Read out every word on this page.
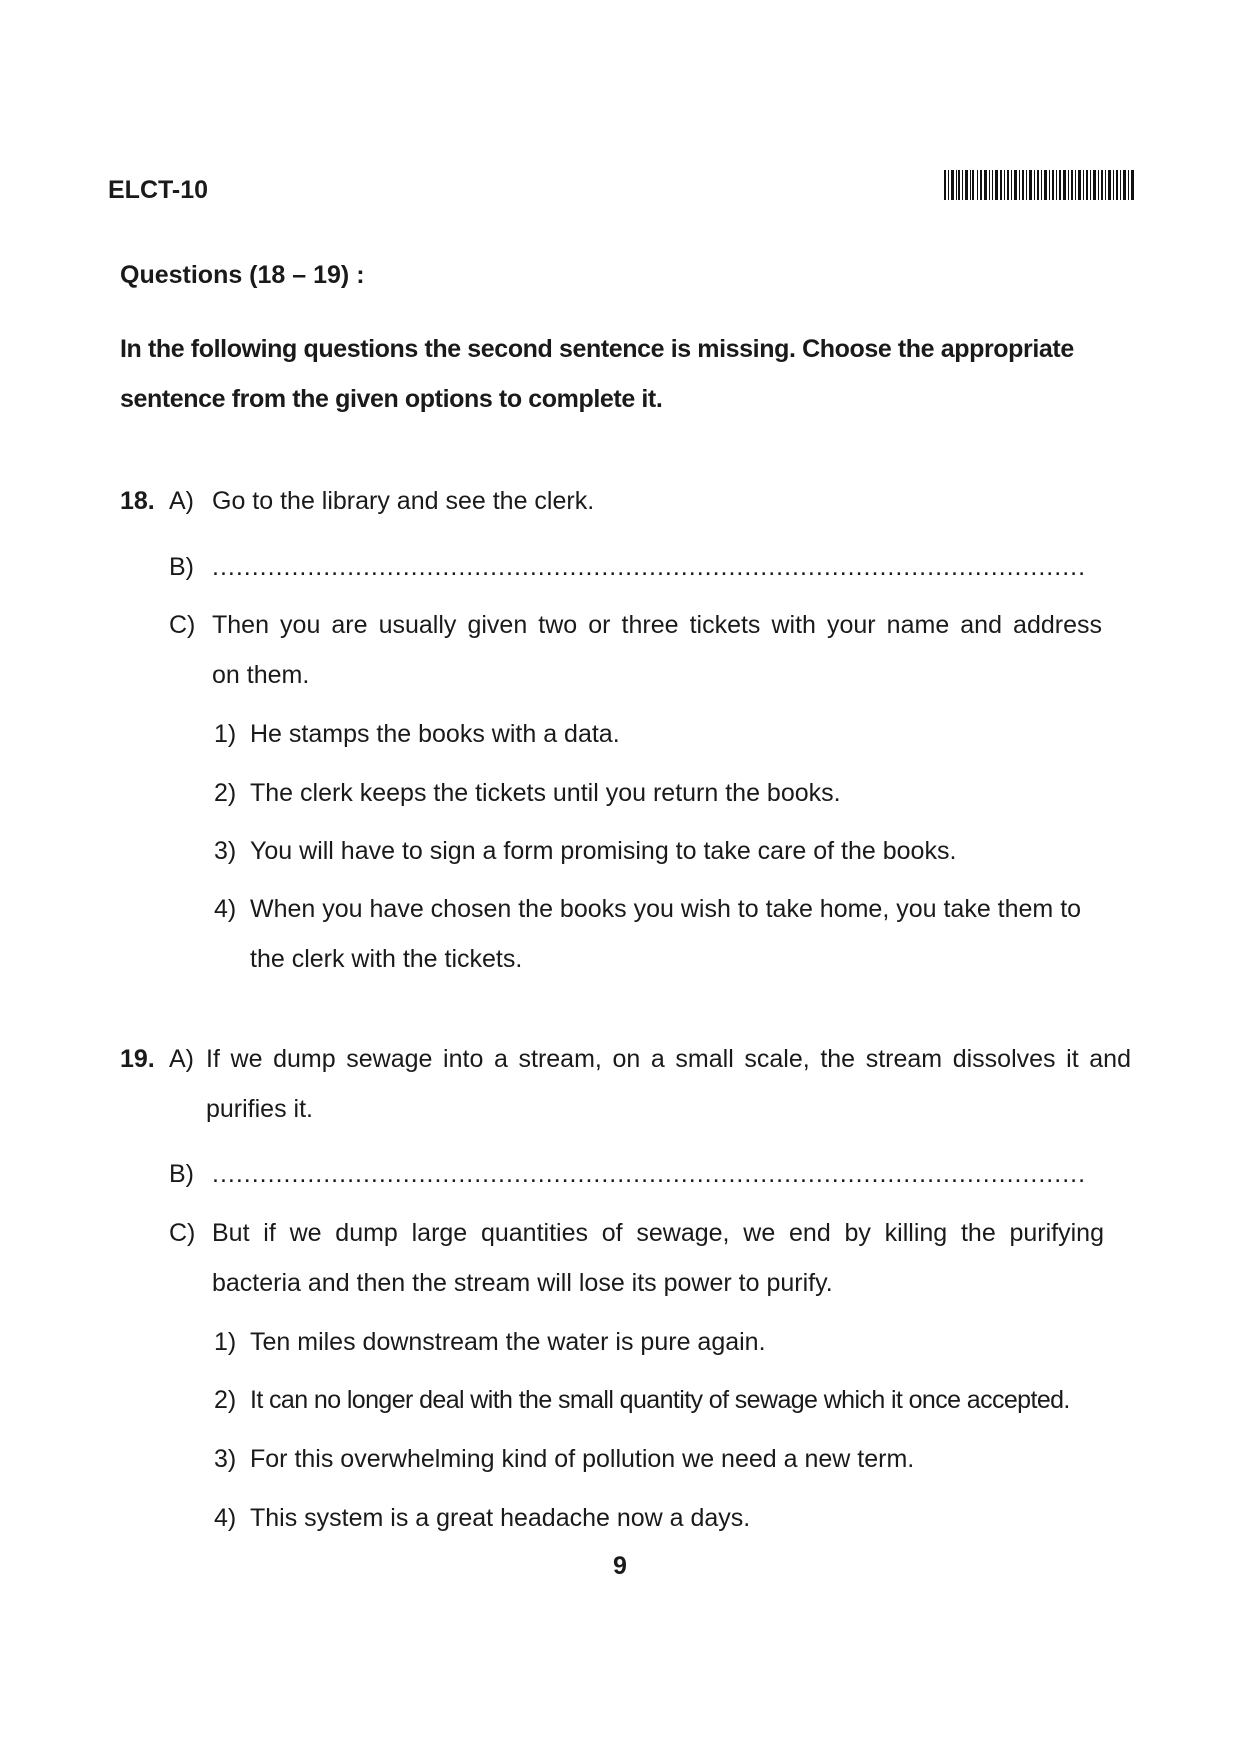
ELCT-10
Questions (18 – 19) :
In the following questions the second sentence is missing. Choose the appropriate
sentence from the given options to complete it.
18. A) Go to the library and see the clerk.
B) ..............................................................................................................
C) Then you are usually given two or three tickets with your name and address
on them.
1) He stamps the books with a data.
2) The clerk keeps the tickets until you return the books.
3) You will have to sign a form promising to take care of the books.
4) When you have chosen the books you wish to take home, you take them to
the clerk with the tickets.
19. A) If we dump sewage into a stream, on a small scale, the stream dissolves it and
purifies it.
B) ..............................................................................................................
C) But if we dump large quantities of sewage, we end by killing the purifying
bacteria and then the stream will lose its power to purify.
1) Ten miles downstream the water is pure again.
2) It can no longer deal with the small quantity of sewage which it once accepted.
3) For this overwhelming kind of pollution we need a new term.
4) This system is a great headache now a days.
9
